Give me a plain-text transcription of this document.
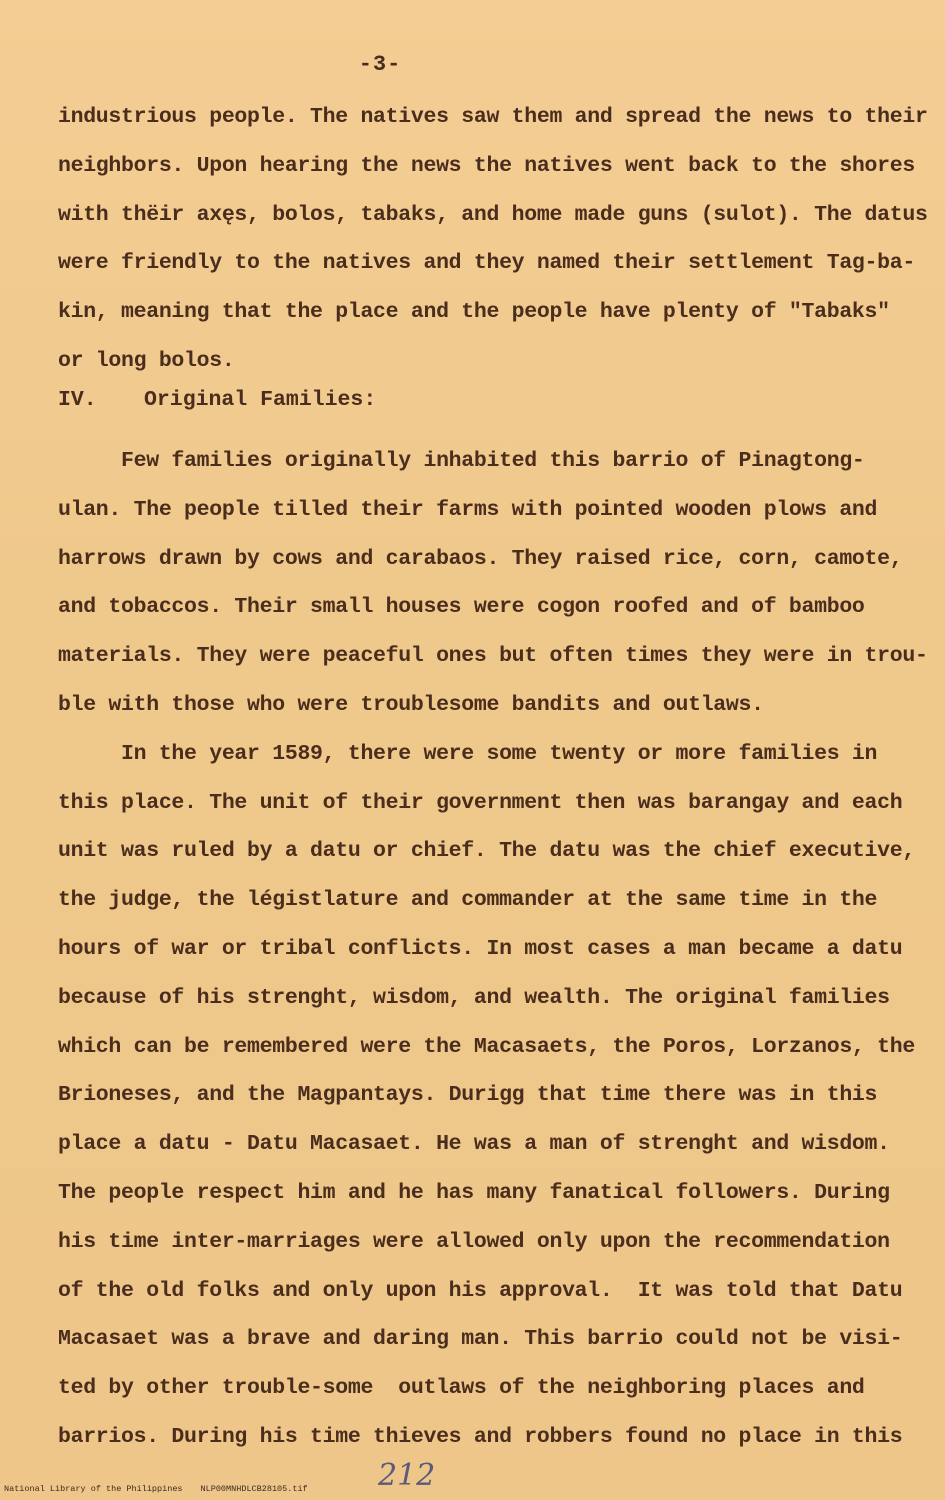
-3-
industrious people. The natives saw them and spread the news to their
neighbors. Upon hearing the news the natives went back to the shores
with thëir axęs, bolos, tabaks, and home made guns (sulot). The datus
were friendly to the natives and they named their settlement Tag-ba-
kin, meaning that the place and the people have plenty of "Tabaks"
or long bolos.
IV. Original Families:
Few families originally inhabited this barrio of Pinagtong-
ulan. The people tilled their farms with pointed wooden plows and
harrows drawn by cows and carabaos. They raised rice, corn, camote,
and tobaccos. Their small houses were cogon roofed and of bamboo
materials. They were peaceful ones but often times they were in trou-
ble with those who were troublesome bandits and outlaws.
In the year 1589, there were some twenty or more families in
this place. The unit of their government then was barangay and each
unit was ruled by a datu or chief. The datu was the chief executive,
the judge, the légistlature and commander at the same time in the
hours of war or tribal conflicts. In most cases a man became a datu
because of his strenght, wisdom, and wealth. The original families
which can be remembered were the Macasaets, the Poros, Lorzanos, the
Brioneses, and the Magpantays. Durigg that time there was in this
place a datu - Datu Macasaet. He was a man of strenght and wisdom.
The people respect him and he has many fanatical followers. During
his time inter-marriages were allowed only upon the recommendation
of the old folks and only upon his approval.  It was told that Datu
Macasaet was a brave and daring man. This barrio could not be visi-
ted by other trouble-some  outlaws of the neighboring places and
barrios. During his time thieves and robbers found no place in this
212
National Library of the Philippines NLP00MNHDLCB28105.tif
